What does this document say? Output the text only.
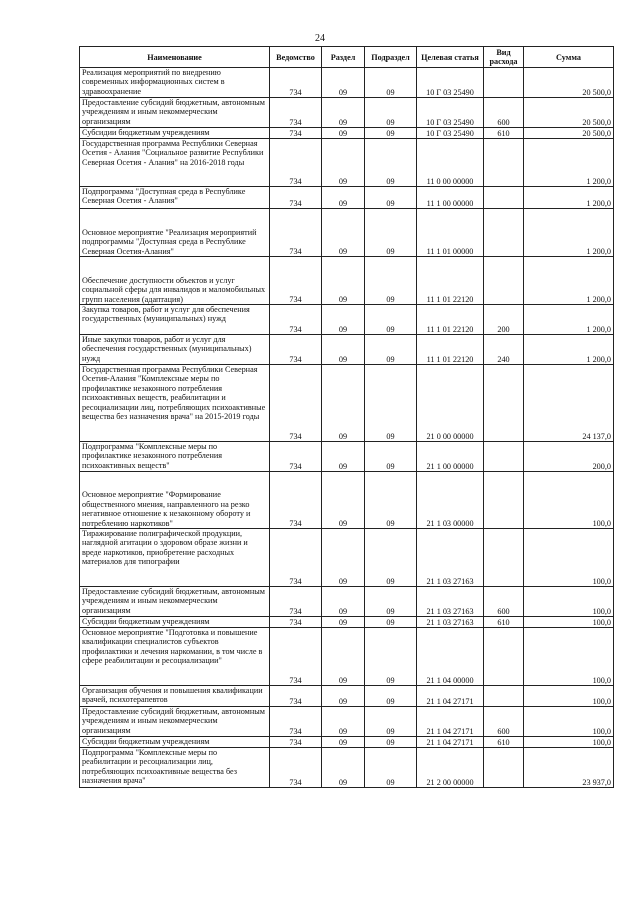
24
Наименование	Ведомство	Раздел	Подраздел	Целевая статья	Вид расхода	Сумма
Реализация мероприятий по внедрению современных информационных систем в здравоохранение	734	09	09	10 Г 03 25490		20 500,0
Предоставление субсидий бюджетным, автономным учреждениям и иным некоммерческим организациям	734	09	09	10 Г 03 25490	600	20 500,0
Субсидии бюджетным учреждениям	734	09	09	10 Г 03 25490	610	20 500,0
Государственная программа Республики Северная Осетия - Алания "Социальное развитие Республики Северная Осетия - Алания" на 2016-2018 годы	734	09	09	11 0 00 00000		1 200,0
Подпрограмма "Доступная среда в Республике Северная Осетия - Алания"	734	09	09	11 1 00 00000		1 200,0
Основное мероприятие "Реализация мероприятий подпрограммы "Доступная среда в Республике Северная Осетия-Алания"	734	09	09	11 1 01 00000		1 200,0
Обеспечение доступности объектов и услуг социальной сферы для инвалидов и маломобильных групп населения (адаптация)	734	09	09	11 1 01 22120		1 200,0
Закупка товаров, работ и услуг для обеспечения государственных (муниципальных) нужд	734	09	09	11 1 01 22120	200	1 200,0
Иные закупки товаров, работ и услуг для обеспечения государственных (муниципальных) нужд	734	09	09	11 1 01 22120	240	1 200,0
Государственная программа Республики Северная Осетия-Алания "Комплексные меры по профилактике незаконного потребления психоактивных веществ, реабилитации и ресоциализации лиц, потребляющих психоактивные вещества без назначения врача" на 2015-2019 годы	734	09	09	21 0 00 00000		24 137,0
Подпрограмма "Комплексные меры по профилактике незаконного потребления психоактивных веществ"	734	09	09	21 1 00 00000		200,0
Основное мероприятие "Формирование общественного мнения, направленного на резко негативное отношение к незаконному обороту и потреблению наркотиков"	734	09	09	21 1 03 00000		100,0
Тиражирование полиграфической продукции, наглядной агитации о здоровом образе жизни и вреде наркотиков, приобретение расходных материалов для типографии	734	09	09	21 1 03 27163		100,0
Предоставление субсидий бюджетным, автономным учреждениям и иным некоммерческим организациям	734	09	09	21 1 03 27163	600	100,0
Субсидии бюджетным учреждениям	734	09	09	21 1 03 27163	610	100,0
Основное мероприятие "Подготовка и повышение квалификации специалистов субъектов профилактики и лечения наркомании, в том числе в сфере реабилитации и ресоциализации"	734	09	09	21 1 04 00000		100,0
Организация обучения и повышения квалификации врачей, психотерапевтов	734	09	09	21 1 04 27171		100,0
Предоставление субсидий бюджетным, автономным учреждениям и иным некоммерческим организациям	734	09	09	21 1 04 27171	600	100,0
Субсидии бюджетным учреждениям	734	09	09	21 1 04 27171	610	100,0
Подпрограмма "Комплексные меры по реабилитации и ресоциализации лиц, потребляющих психоактивные вещества без назначения врача"	734	09	09	21 2 00 00000		23 937,0
